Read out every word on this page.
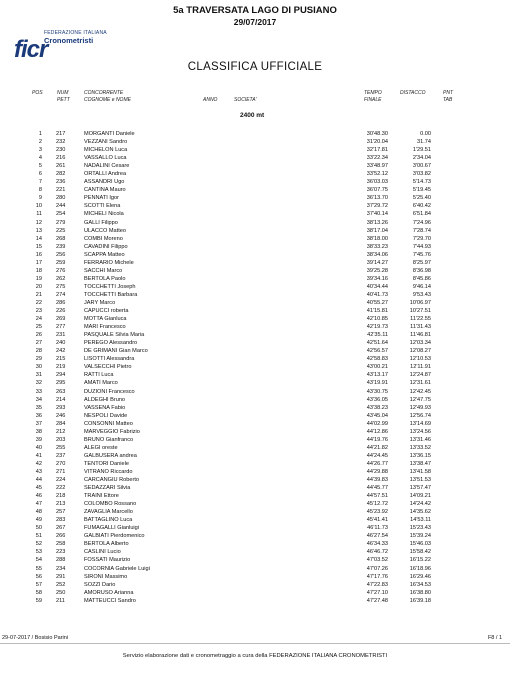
FEDERAZIONE ITALIANA
Cronometristi
ficr
5a TRAVERSATA LAGO DI PUSIANO
29/07/2017
CLASSIFICA UFFICIALE
POS	NUM
PETT
CONCORRENTE
COGNOME e NOME	ANNO	SOCIETA'
TEMPO
FINALE
DISTACCO	PNT
TAB
2400 mt
1	217	MORGANTI Daniele	30'48.30	0.00
2	232	VEZZANI Sandro	31'20.04	31.74
3	230	MICHELON Luca	32'17.81	1'29.51
4	216	VASSALLO Luca	33'22.34	2'34.04
5	261	NADALINI Cesare	33'48.97	3'00.67
6	282	ORTALLI Andrea	33'52.12	3'03.82
7	236	ASSANDRI Ugo	36'03.03	5'14.73
8	221	CANTINA Mauro	36'07.75	5'19.45
9	280	PENNATI Igor	36'13.70	5'25.40
10	244	SCOTTI Elena	37'29.72	6'40.42
11	254	MICHELI Nicola	37'40.14	6'51.84
12	279	GALLI Filippo	38'13.26	7'24.96
13	225	ULACCO Matteo	38'17.04	7'28.74
14	268	COMBI Moreno	38'18.00	7'29.70
15	239	CAVADINI Filippo	38'33.23	7'44.93
16	256	SCAPPA Matteo	38'34.06	7'45.76
17	259	FERRARIO Michele	39'14.27	8'25.97
18	276	SACCHI Marco	39'25.28	8'36.98
19	262	BERTOLA Paolo	39'34.16	8'45.86
20	275	TOCCHETTI Joseph	40'34.44	9'46.14
21	274	TOCCHETTI Barbara	40'41.73	9'53.43
22	286	JARY Marco	40'55.27	10'06.97
23	226	CAPUCCI roberta	41'15.81	10'27.51
24	269	MOTTA Gianluca	42'10.85	11'22.55
25	277	MARI Francesco	42'19.73	11'31.43
26	231	PASQUALE Silvia Maria	42'35.11	11'46.81
27	240	PEREGO Alessandro	42'51.64	12'03.34
28	242	DE GRIMANI Gian Marco	42'56.57	12'08.27
29	215	LISOTTI Alessandra	42'58.83	12'10.53
30	219	VALSECCHI Pietro	43'00.21	12'11.91
31	294	RATTI Luca	43'13.17	12'24.87
32	295	AMATI Marco	43'19.91	12'31.61
33	263	DUZIONI Francesco	43'30.75	12'42.45
34	214	ALDEGHI Bruno	43'36.05	12'47.75
35	293	VASSENA Fabio	43'38.23	12'49.93
36	246	NESPOLI Davide	43'45.04	12'56.74
37	284	CONSONNI Matteo	44'02.99	13'14.69
38	212	MARVEGGIO Fabrizio	44'12.86	13'24.56
39	203	BRUNO Gianfranco	44'19.76	13'31.46
40	255	ALEGI oreste	44'21.82	13'33.52
41	237	GALBUSERA andrea	44'24.45	13'36.15
42	270	TENTORI Daniele	44'26.77	13'38.47
43	271	VITRANO Riccardo	44'29.88	13'41.58
44	224	CARCANGIU Roberto	44'39.83	13'51.53
45	222	SEDAZZARI Silvia	44'45.77	13'57.47
46	218	TRAINI Ettore	44'57.51	14'09.21
47	213	COLOMBO Rossano	45'12.72	14'24.42
48	257	ZAVAGLIA Marcello	45'23.92	14'35.62
49	283	BATTAGLINO Luca	45'41.41	14'53.11
50	267	FUMAGALLI Gianluigi	46'11.73	15'23.43
51	266	GALBIATI Pierdomenico	46'27.54	15'39.24
52	258	BERTOLA Alberto	46'34.33	15'46.03
53	223	CASLINI Lucio	46'46.72	15'58.42
54	288	FOSSATI Maurizio	47'03.52	16'15.22
55	234	COCORNIA Gabriele Luigi	47'07.26	16'18.96
56	291	SIRONI Massimo	47'17.76	16'29.46
57	252	SOZZI Dario	47'22.83	16'34.53
58	250	AMORUSO Arianna	47'27.10	16'38.80
59	211	MATTEUCCI Sandro	47'27.48	16'39.18
29-07-2017 / Bosisio Parini	F8 / 1
Servizio elaborazione dati e cronometraggio a cura della FEDERAZIONE ITALIANA CRONOMETRISTI
